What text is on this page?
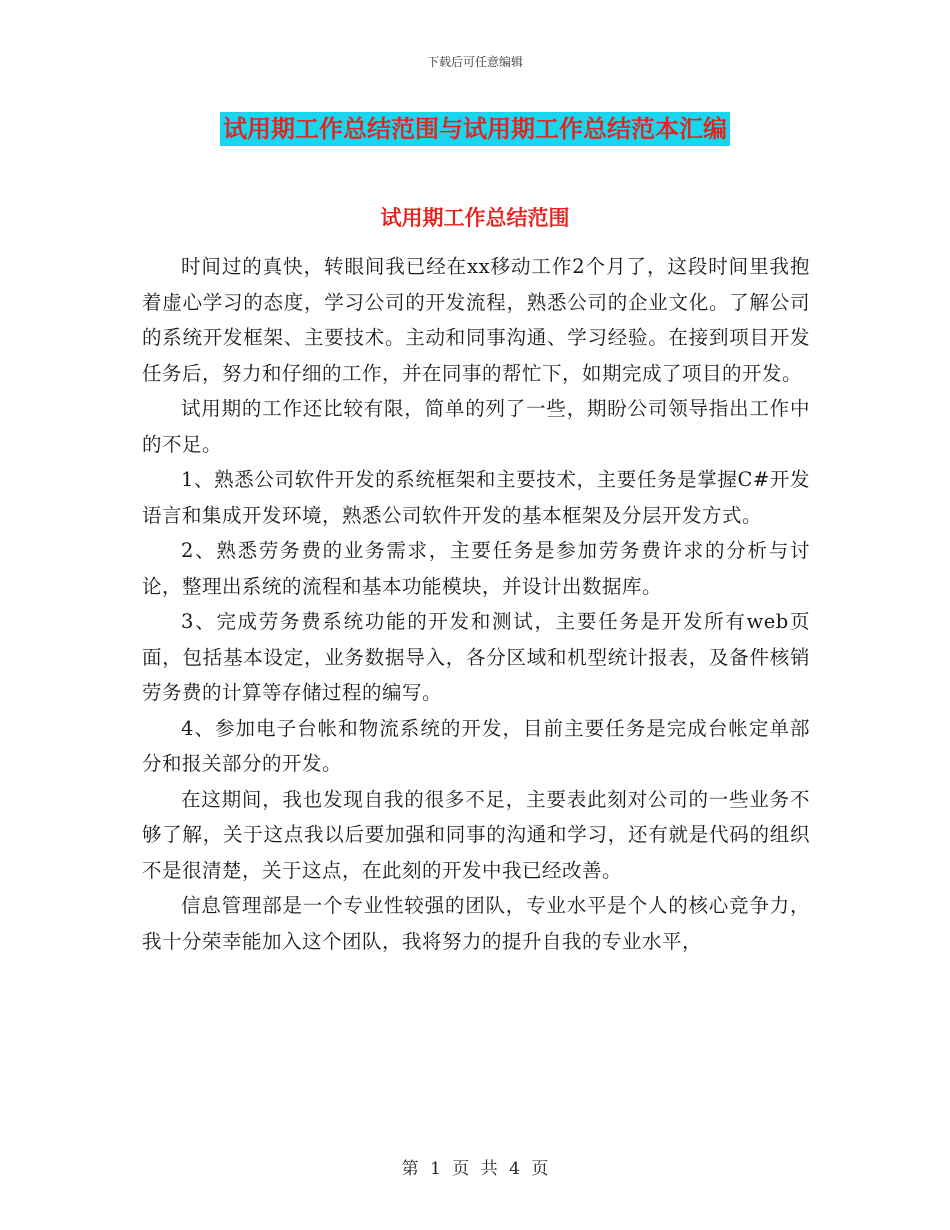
下载后可任意编辑
试用期工作总结范围与试用期工作总结范本汇编
试用期工作总结范围

时间过的真快，转眼间我已经在xx移动工作2个月了，这段时间里我抱着虚心学习的态度，学习公司的开发流程，熟悉公司的企业文化。了解公司的系统开发框架、主要技术。主动和同事沟通、学习经验。在接到项目开发任务后，努力和仔细的工作，并在同事的帮忙下，如期完成了项目的开发。

试用期的工作还比较有限，简单的列了一些，期盼公司领导指出工作中的不足。

1、熟悉公司软件开发的系统框架和主要技术，主要任务是掌握C#开发语言和集成开发环境，熟悉公司软件开发的基本框架及分层开发方式。

2、熟悉劳务费的业务需求，主要任务是参加劳务费许求的分析与讨论，整理出系统的流程和基本功能模块，并设计出数据库。

3、完成劳务费系统功能的开发和测试，主要任务是开发所有web页面，包括基本设定，业务数据导入，各分区域和机型统计报表，及备件核销劳务费的计算等存储过程的编写。

4、参加电子台帐和物流系统的开发，目前主要任务是完成台帐定单部分和报关部分的开发。

在这期间，我也发现自我的很多不足，主要表此刻对公司的一些业务不够了解，关于这点我以后要加强和同事的沟通和学习，还有就是代码的组织不是很清楚，关于这点，在此刻的开发中我已经改善。

信息管理部是一个专业性较强的团队，专业水平是个人的核心竞争力，我十分荣幸能加入这个团队，我将努力的提升自我的专业水平，

第 1 页 共 4 页
